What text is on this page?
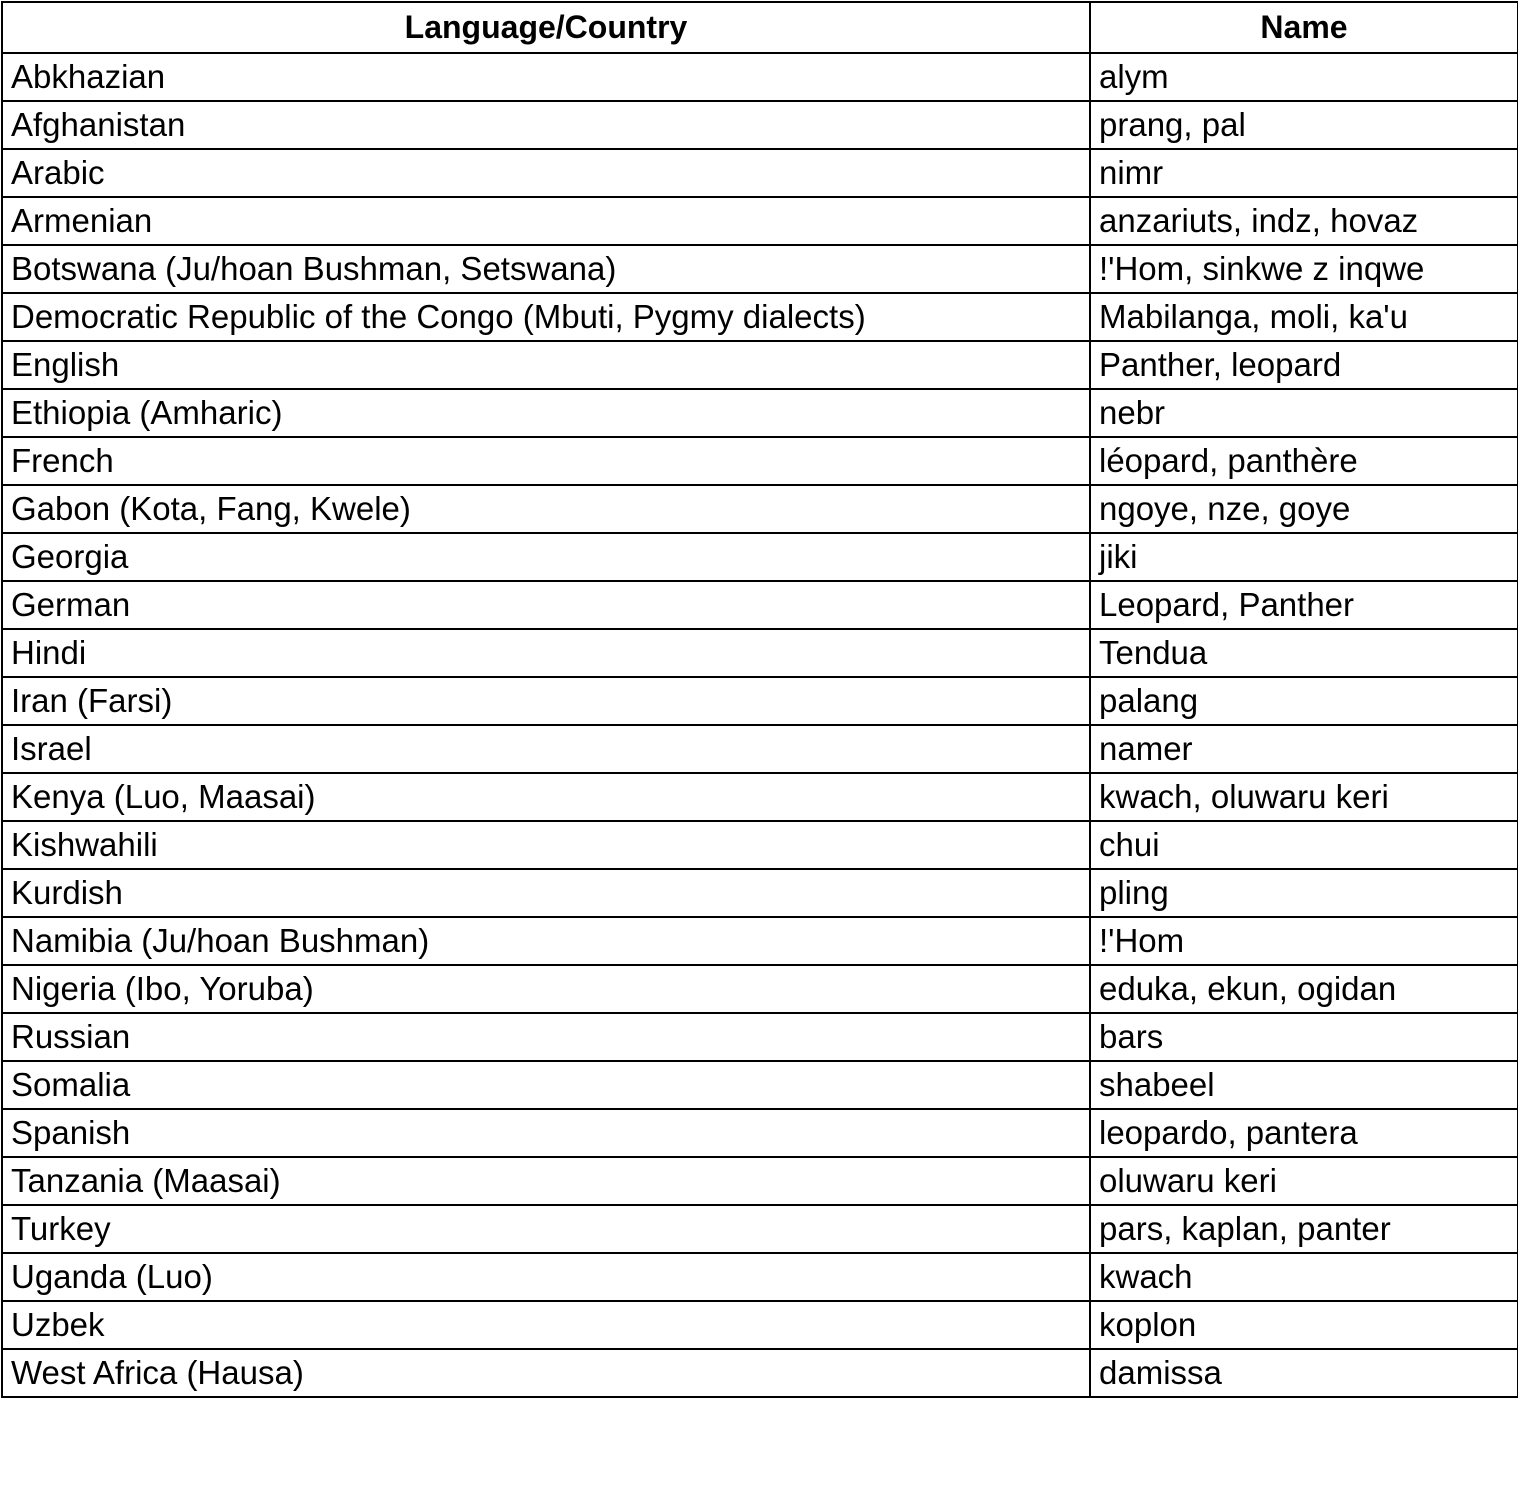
Language/Country	Name
Abkhazian	alym
Afghanistan	prang, pal
Arabic	nimr
Armenian	anzariuts, indz, hovaz
Botswana (Ju/hoan Bushman, Setswana)	!'Hom, sinkwe z inqwe
Democratic Republic of the Congo (Mbuti, Pygmy dialects)	Mabilanga, moli, ka'u
English	Panther, leopard
Ethiopia (Amharic)	nebr
French	léopard, panthère
Gabon (Kota, Fang, Kwele)	ngoye, nze, goye
Georgia	jiki
German	Leopard, Panther
Hindi	Tendua
Iran (Farsi)	palang
Israel	namer
Kenya (Luo, Maasai)	kwach, oluwaru keri
Kishwahili	chui
Kurdish	pling
Namibia (Ju/hoan Bushman)	!'Hom
Nigeria (Ibo, Yoruba)	eduka, ekun, ogidan
Russian	bars
Somalia	shabeel
Spanish	leopardo, pantera
Tanzania (Maasai)	oluwaru keri
Turkey	pars, kaplan, panter
Uganda (Luo)	kwach
Uzbek	koplon
West Africa (Hausa)	damissa
